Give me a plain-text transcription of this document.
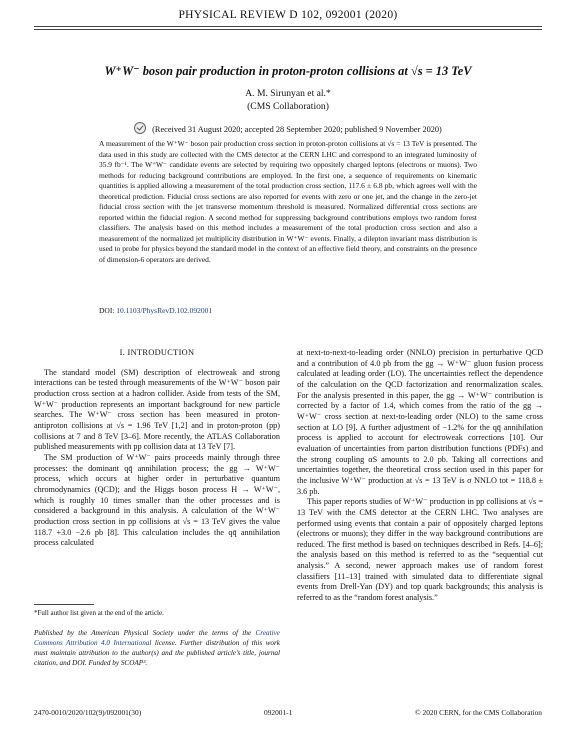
PHYSICAL REVIEW D 102, 092001 (2020)
W⁺W⁻ boson pair production in proton-proton collisions at √s = 13 TeV
A. M. Sirunyan et al.*
(CMS Collaboration)
(Received 31 August 2020; accepted 28 September 2020; published 9 November 2020)
A measurement of the W⁺W⁻ boson pair production cross section in proton-proton collisions at √s = 13 TeV is presented. The data used in this study are collected with the CMS detector at the CERN LHC and correspond to an integrated luminosity of 35.9 fb⁻¹. The W⁺W⁻ candidate events are selected by requiring two oppositely charged leptons (electrons or muons). Two methods for reducing background contributions are employed. In the first one, a sequence of requirements on kinematic quantities is applied allowing a measurement of the total production cross section, 117.6 ± 6.8 pb, which agrees well with the theoretical prediction. Fiducial cross sections are also reported for events with zero or one jet, and the change in the zero-jet fiducial cross section with the jet transverse momentum threshold is measured. Normalized differential cross sections are reported within the fiducial region. A second method for suppressing background contributions employs two random forest classifiers. The analysis based on this method includes a measurement of the total production cross section and also a measurement of the normalized jet multiplicity distribution in W⁺W⁻ events. Finally, a dilepton invariant mass distribution is used to probe for physics beyond the standard model in the context of an effective field theory, and constraints on the presence of dimension-6 operators are derived.
DOI: 10.1103/PhysRevD.102.092001
I. INTRODUCTION

The standard model (SM) description of electroweak and strong interactions can be tested through measurements of the W⁺W⁻ boson pair production cross section at a hadron collider. Aside from tests of the SM, W⁺W⁻ production represents an important background for new particle searches. The W⁺W⁻ cross section has been measured in proton-antiproton collisions at √s = 1.96 TeV [1,2] and in proton-proton (pp) collisions at 7 and 8 TeV [3–6]. More recently, the ATLAS Collaboration published measurements with pp collision data at 13 TeV [7].

The SM production of W⁺W⁻ pairs proceeds mainly through three processes: the dominant qq̄ annihilation process; the gg → W⁺W⁻ process, which occurs at higher order in perturbative quantum chromodynamics (QCD); and the Higgs boson process H → W⁺W⁻, which is roughly 10 times smaller than the other processes and is considered a background in this analysis. A calculation of the W⁺W⁻ production cross section in pp collisions at √s = 13 TeV gives the value 118.7 +3.0 −2.6 pb [8]. This calculation includes the qq̄ annihilation process calculated

at next-to-next-to-leading order (NNLO) precision in perturbative QCD and a contribution of 4.0 pb from the gg → W⁺W⁻ gluon fusion process calculated at leading order (LO). The uncertainties reflect the dependence of the calculation on the QCD factorization and renormalization scales. For the analysis presented in this paper, the gg → W⁺W⁻ contribution is corrected by a factor of 1.4, which comes from the ratio of the gg → W⁺W⁻ cross section at next-to-leading order (NLO) to the same cross section at LO [9]. A further adjustment of −1.2% for the qq̄ annihilation process is applied to account for electroweak corrections [10]. Our evaluation of uncertainties from parton distribution functions (PDFs) and the strong coupling αS amounts to 2.0 pb. Taking all corrections and uncertainties together, the theoretical cross section used in this paper for the inclusive W⁺W⁻ production at √s = 13 TeV is σ NNLO tot = 118.8 ± 3.6 pb.

This paper reports studies of W⁺W⁻ production in pp collisions at √s = 13 TeV with the CMS detector at the CERN LHC. Two analyses are performed using events that contain a pair of oppositely charged leptons (electrons or muons); they differ in the way background contributions are reduced. The first method is based on techniques described in Refs. [4–6]; the analysis based on this method is referred to as the “sequential cut analysis.” A second, newer approach makes use of random forest classifiers [11–13] trained with simulated data to differentiate signal events from Drell-Yan (DY) and top quark backgrounds; this analysis is referred to as the “random forest analysis.”

*Full author list given at the end of the article.
Published by the American Physical Society under the terms of the Creative Commons Attribution 4.0 International license. Further distribution of this work must maintain attribution to the author(s) and the published article’s title, journal citation, and DOI. Funded by SCOAP³.
2470-0010/2020/102(9)/092001(30)	092001-1	© 2020 CERN, for the CMS Collaboration
